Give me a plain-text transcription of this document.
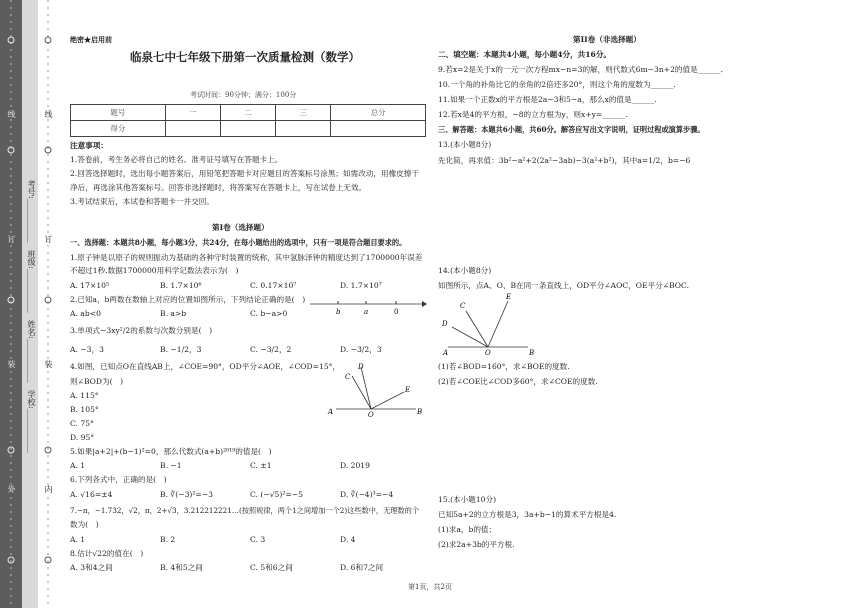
线
订
装
外
学校:___________
姓名:___________
班级:___________
考号:___________
线
订
装
内
绝密★启用前
临泉七中七年级下册第一次质量检测（数学）
考试时间：90分钟；满分：100分
题号	一	二	三	总分
得分				
注意事项：
1.答卷前，考生务必将自己的姓名、准考证号填写在答题卡上。
2.回答选择题时，选出每小题答案后，用铅笔把答题卡对应题目的答案标号涂黑；如需改动，用橡皮擦干
净后，再选涂其他答案标号。回答非选择题时，将答案写在答题卡上，写在试卷上无效。
3.考试结束后，本试卷和答题卡一并交回。
第I卷（选择题）
一、选择题：本题共8小题，每小题3分，共24分，在每小题给出的选项中，只有一项是符合题目要求的。
1.原子钟是以原子的规则振动为基础的各种守时装置的统称，其中氢脉泽钟的精度达到了1700000年误差
不超过1秒.数据1700000用科学记数法表示为(　)
A. 17×10⁵	B. 1.7×10⁶	C. 0.17×10⁷	D. 1.7×10⁷
2.已知a，b两数在数轴上对应的位置如图所示，下列结论正确的是(　)
A. ab<0	B. a>b	C. b−a>0	b	a	0
3.单项式−3xy²/2的系数与次数分别是(　)
A. −3，3	B. −1/2，3	C. −3/2，2	D. −3/2，3
4.如图，已知点O在直线AB上，∠COE=90°，OD平分∠AOE，∠COD=15°，
则∠BOD为(　)
A. 115°
B. 105°
C. 75°
D. 95°
A	O	B
C
D
E
5.如果|a+2|+(b−1)²=0，那么代数式(a+b)²⁰¹⁹的值是(　)
A. 1	B. −1	C. ±1	D. 2019
6.下列各式中，正确的是(　)
A. √16=±4	B. ∛(−3)²=−3	C. (−√5)²=−5	D. ∛(−4)³=−4
7.−π，−1.732，√2，π，2+√3，3.212212221…(按照规律，两个1之间增加一个2)这些数中，无理数的个
数为(　)
A. 1	B. 2	C. 3	D. 4
8.估计√22的值在(　)
A. 3和4之间	B. 4和5之间	C. 5和6之间	D. 6和7之间
第II卷（非选择题）
二、填空题：本题共4小题，每小题4分，共16分。
9.若x=2是关于x的一元一次方程mx−n=3的解，则代数式6m−3n+2的值是______.
10.一个角的补角比它的余角的2倍还多20°，则这个角的度数为______.
11.如果一个正数x的平方根是2a−3和5−a，那么x的值是______.
12.若x是4的平方根，−8的立方根为y，则x+y=______.
三、解答题：本题共6小题，共60分。解答应写出文字说明，证明过程或演算步骤。
13.(本小题8分)
先化简，再求值：3b²−a²+2(2a²−3ab)−3(a²+b²)，其中a=1/2，b=−6
14.(本小题8分)
如图所示，点A、O、B在同一条直线上，OD平分∠AOC，OE平分∠BOC.
A	O	B
C
D
E
(1)若∠BOD=160°，求∠BOE的度数.
(2)若∠COE比∠COD多60°，求∠COE的度数.
15.(本小题10分)
已知5a+2的立方根是3，3a+b−1的算术平方根是4.
(1)求a，b的值；
(2)求2a+3b的平方根.
第1页，共2页
